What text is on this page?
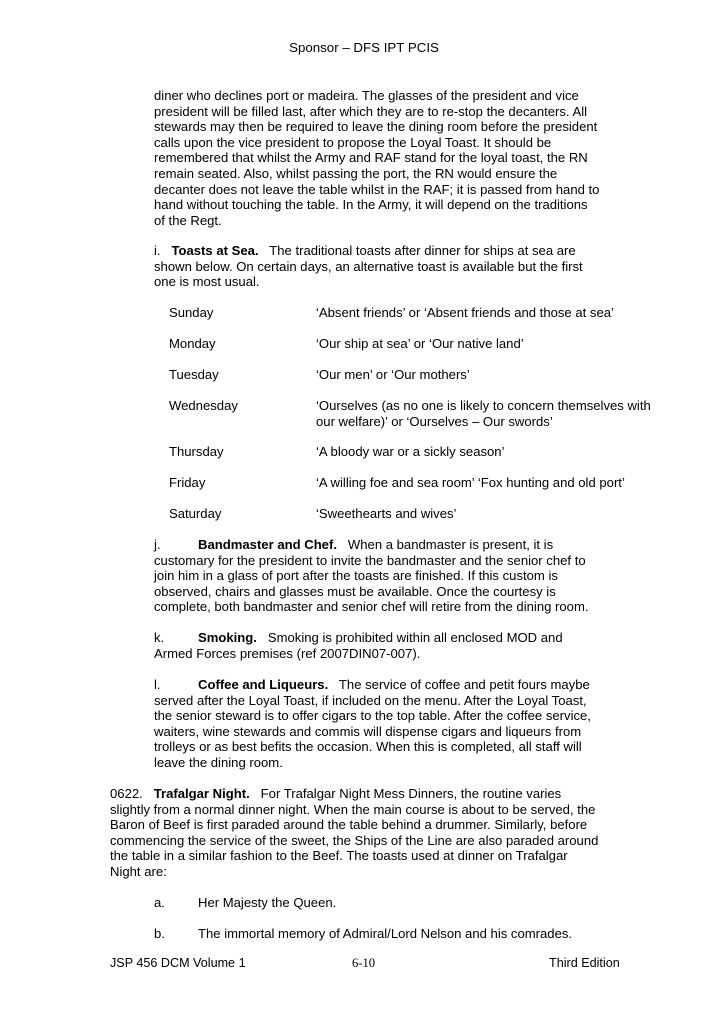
Sponsor – DFS IPT PCIS

diner who declines port or madeira. The glasses of the president and vice

president will be filled last, after which they are to re-stop the decanters. All

stewards may then be required to leave the dining room before the president

calls upon the vice president to propose the Loyal Toast. It should be

remembered that whilst the Army and RAF stand for the loyal toast, the RN

remain seated. Also, whilst passing the port, the RN would ensure the

decanter does not leave the table whilst in the RAF; it is passed from hand to

hand without touching the table. In the Army, it will depend on the traditions

of the Regt.

i. Toasts at Sea. The traditional toasts after dinner for ships at sea are

shown below. On certain days, an alternative toast is available but the first

one is most usual.

Sunday	‘Absent friends’ or ‘Absent friends and those at sea’

Monday	‘Our ship at sea’ or ‘Our native land’

Tuesday	‘Our men’ or ‘Our mothers’

Wednesday	‘Ourselves (as no one is likely to concern themselves with

our welfare)’ or ‘Ourselves – Our swords’

Thursday	‘A bloody war or a sickly season’

Friday	‘A willing foe and sea room’ ‘Fox hunting and old port’

Saturday	‘Sweethearts and wives’

j.	Bandmaster and Chef. When a bandmaster is present, it is

customary for the president to invite the bandmaster and the senior chef to

join him in a glass of port after the toasts are finished. If this custom is

observed, chairs and glasses must be available. Once the courtesy is

complete, both bandmaster and senior chef will retire from the dining room.

k.	Smoking. Smoking is prohibited within all enclosed MOD and

Armed Forces premises (ref 2007DIN07-007).

l.	Coffee and Liqueurs. The service of coffee and petit fours maybe

served after the Loyal Toast, if included on the menu. After the Loyal Toast,

the senior steward is to offer cigars to the top table. After the coffee service,

waiters, wine stewards and commis will dispense cigars and liqueurs from

trolleys or as best befits the occasion. When this is completed, all staff will

leave the dining room.

0622. Trafalgar Night. For Trafalgar Night Mess Dinners, the routine varies

slightly from a normal dinner night. When the main course is about to be served, the

Baron of Beef is first paraded around the table behind a drummer. Similarly, before

commencing the service of the sweet, the Ships of the Line are also paraded around

the table in a similar fashion to the Beef. The toasts used at dinner on Trafalgar

Night are:

a.	Her Majesty the Queen.

b.	The immortal memory of Admiral/Lord Nelson and his comrades.

JSP 456 DCM Volume 1	6-10	Third Edition
